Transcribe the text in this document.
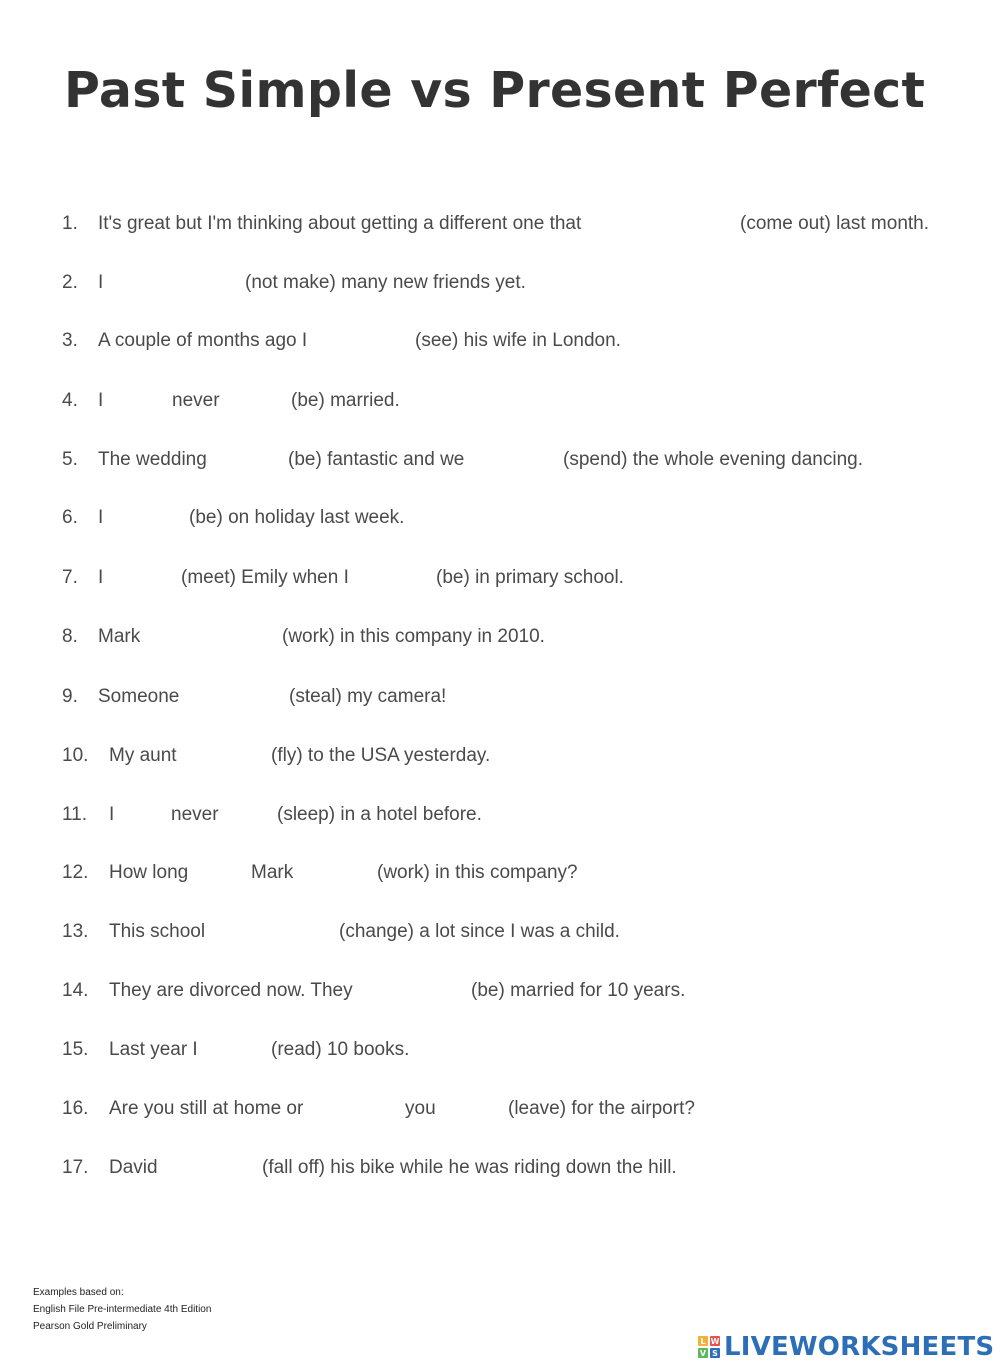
Past Simple vs Present Perfect
1. It's great but I'm thinking about getting a different one that	(come out) last month.
2. I	(not make) many new friends yet.
3. A couple of months ago I	(see) his wife in London.
4. I	never	(be) married.
5. The wedding	(be) fantastic and we	(spend) the whole evening dancing.
6. I	(be) on holiday last week.
7. I	(meet) Emily when I	(be) in primary school.
8. Mark	(work) in this company in 2010.
9. Someone	(steal) my camera!
10. My aunt	(fly) to the USA yesterday.
11. I	never	(sleep) in a hotel before.
12. How long	Mark	(work) in this company?
13. This school	(change) a lot since I was a child.
14. They are divorced now. They	(be) married for 10 years.
15. Last year I	(read) 10 books.
16. Are you still at home or	you	(leave) for the airport?
17. David	(fall off) his bike while he was riding down the hill.
Examples based on:
English File Pre-intermediate 4th Edition
Pearson Gold Preliminary
L W
V S LIVEWORKSHEETS
